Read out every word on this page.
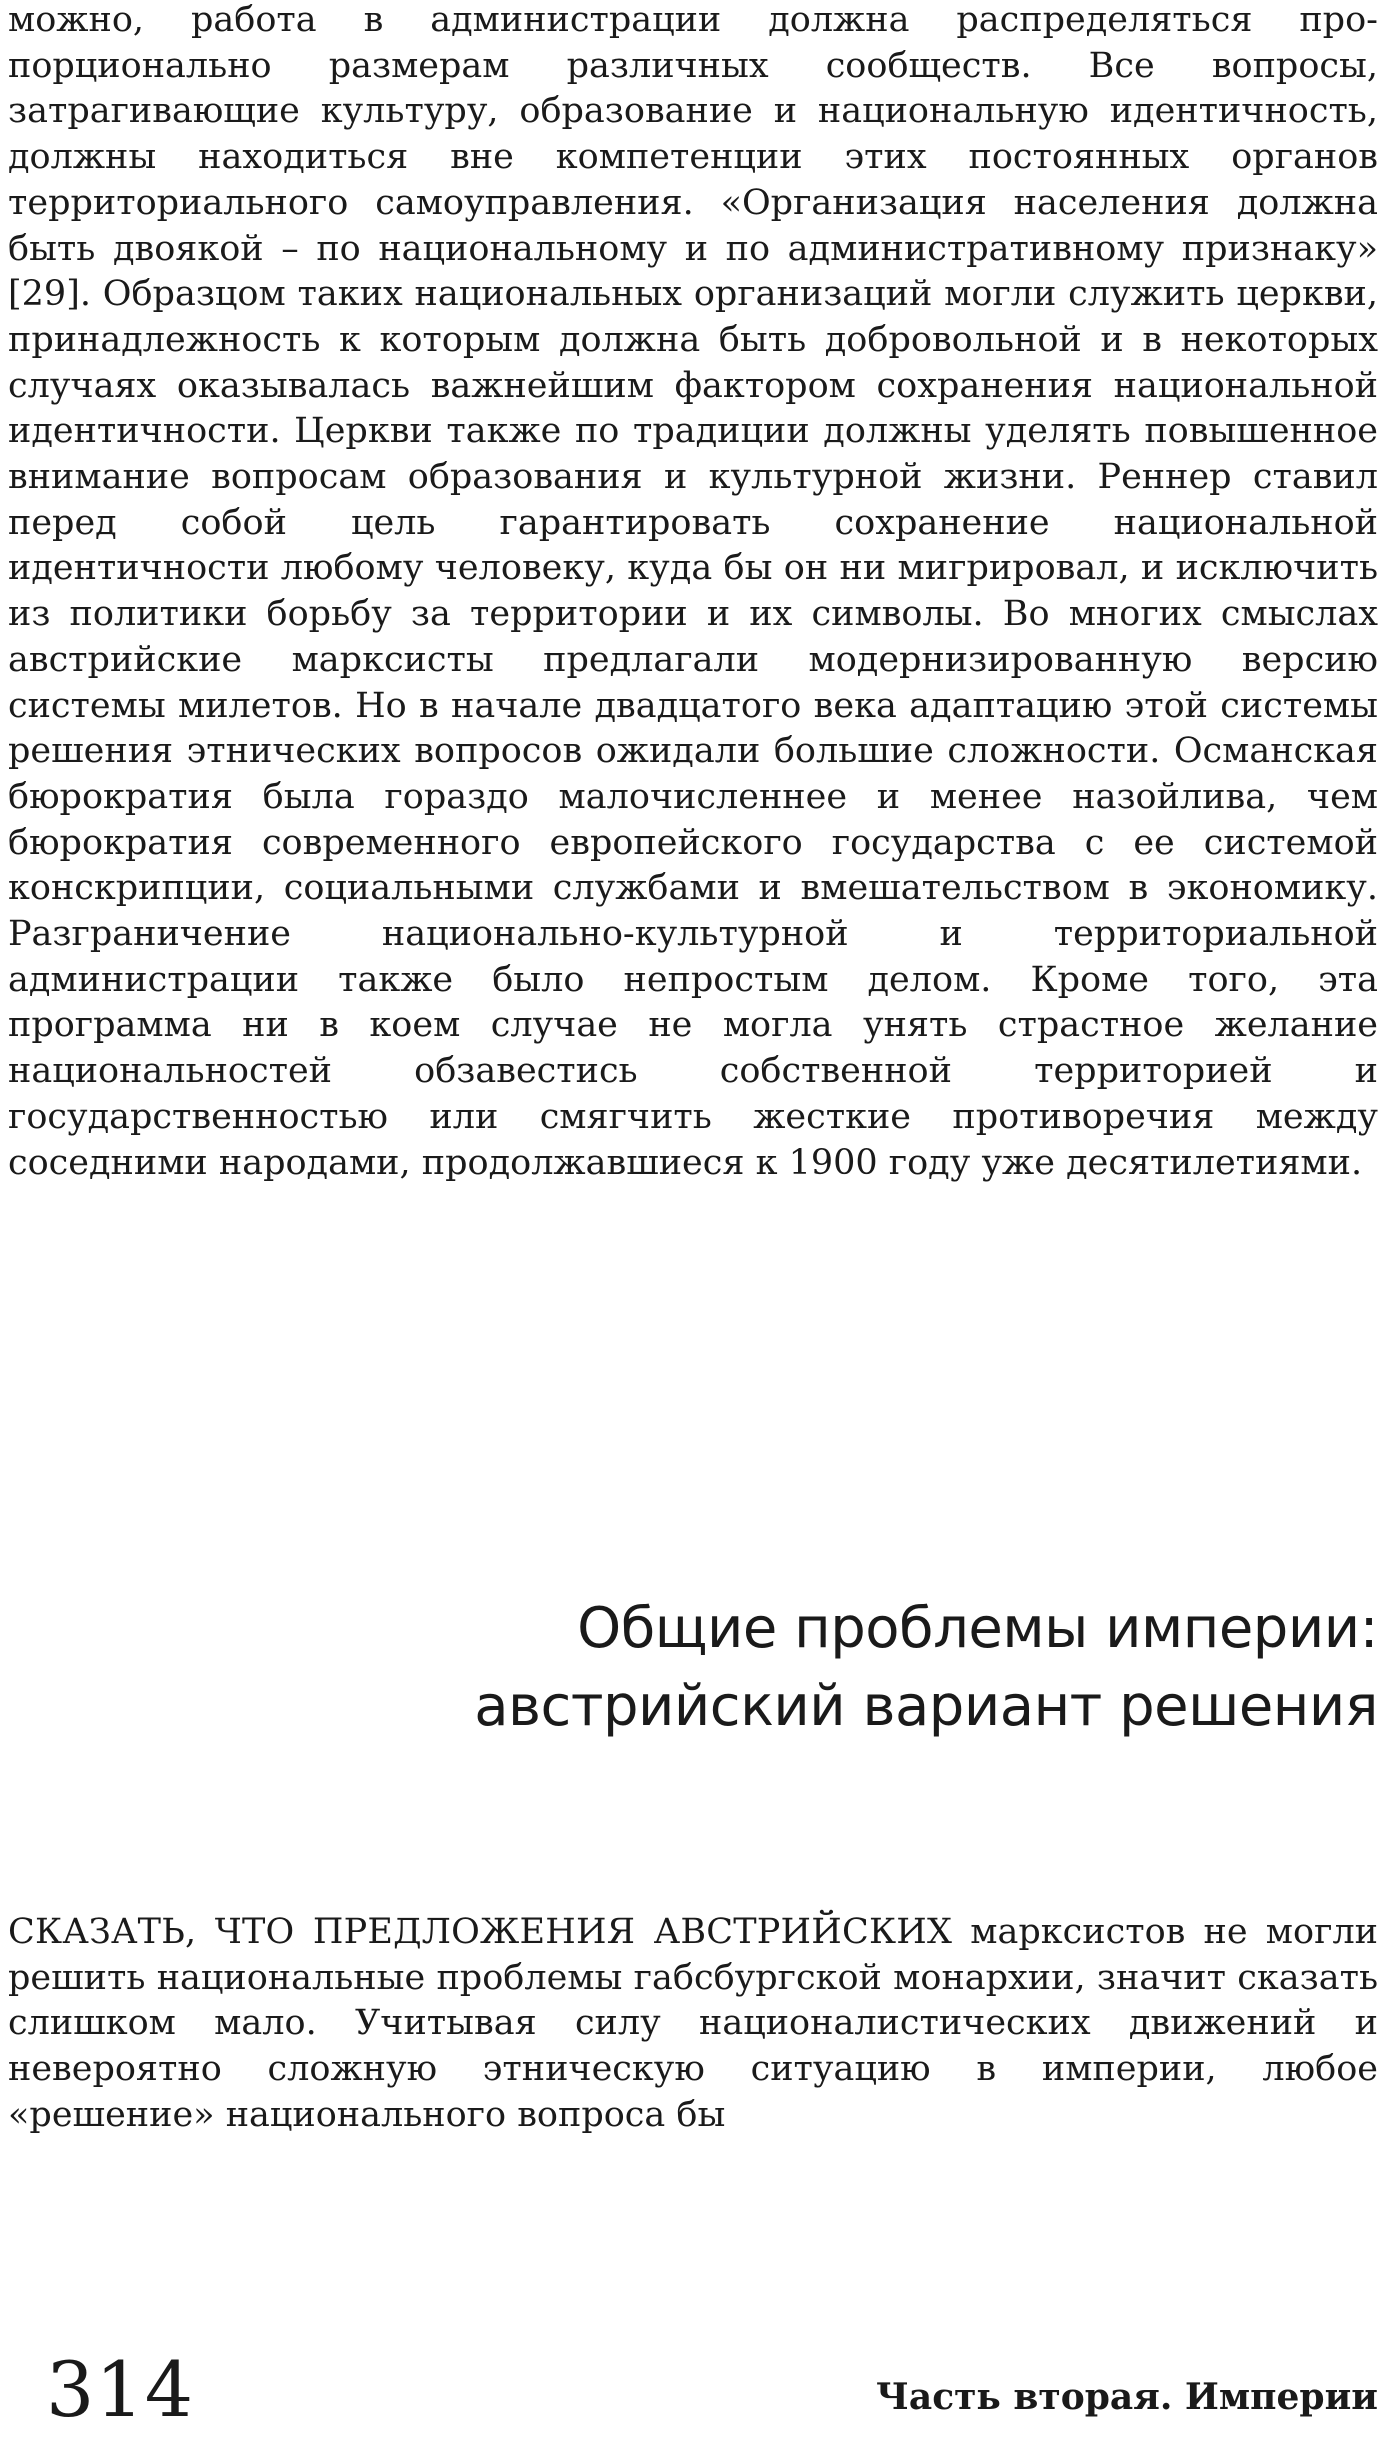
можно, работа в администрации должна распределяться пропорционально размерам различных сообществ. Все вопросы, затрагивающие культуру, образование и национальную идентичность, должны находиться вне компетенции этих постоянных органов территориального самоуправления. «Организация населения должна быть двоякой – по национальному и по административному признаку» [29]. Образцом таких национальных организаций могли служить церкви, принадлежность к которым должна быть добровольной и в некоторых случаях оказывалась важнейшим фактором сохранения национальной идентичности. Церкви также по традиции должны уделять повышенное внимание вопросам образования и культурной жизни. Реннер ставил перед собой цель гарантировать сохранение национальной идентичности любому человеку, куда бы он ни мигрировал, и исключить из политики борьбу за территории и их символы. Во многих смыслах австрийские марксисты предлагали модернизированную версию системы милетов. Но в начале двадцатого века адаптацию этой системы решения этнических вопросов ожидали большие сложности. Османская бюрократия была гораздо малочисленнее и менее назойлива, чем бюрократия современного европейского государства с ее системой конскрипции, социальными службами и вмешательством в экономику. Разграничение национально-культурной и территориальной администрации также было непростым делом. Кроме того, эта программа ни в коем случае не могла унять страстное желание национальностей обзавестись собственной территорией и государственностью или смягчить жесткие противоречия между соседними народами, продолжавшиеся к 1900 году уже десятилетиями.

Общие проблемы империи:
австрийский вариант решения

СКАЗАТЬ, ЧТО ПРЕДЛОЖЕНИЯ АВСТРИЙСКИХ марксистов не могли решить национальные проблемы габсбургской монархии, значит сказать слишком мало. Учитывая силу националистических движений и невероятно сложную этническую ситуацию в империи, любое «решение» национального вопроса бы

314	Часть вторая. Империи
